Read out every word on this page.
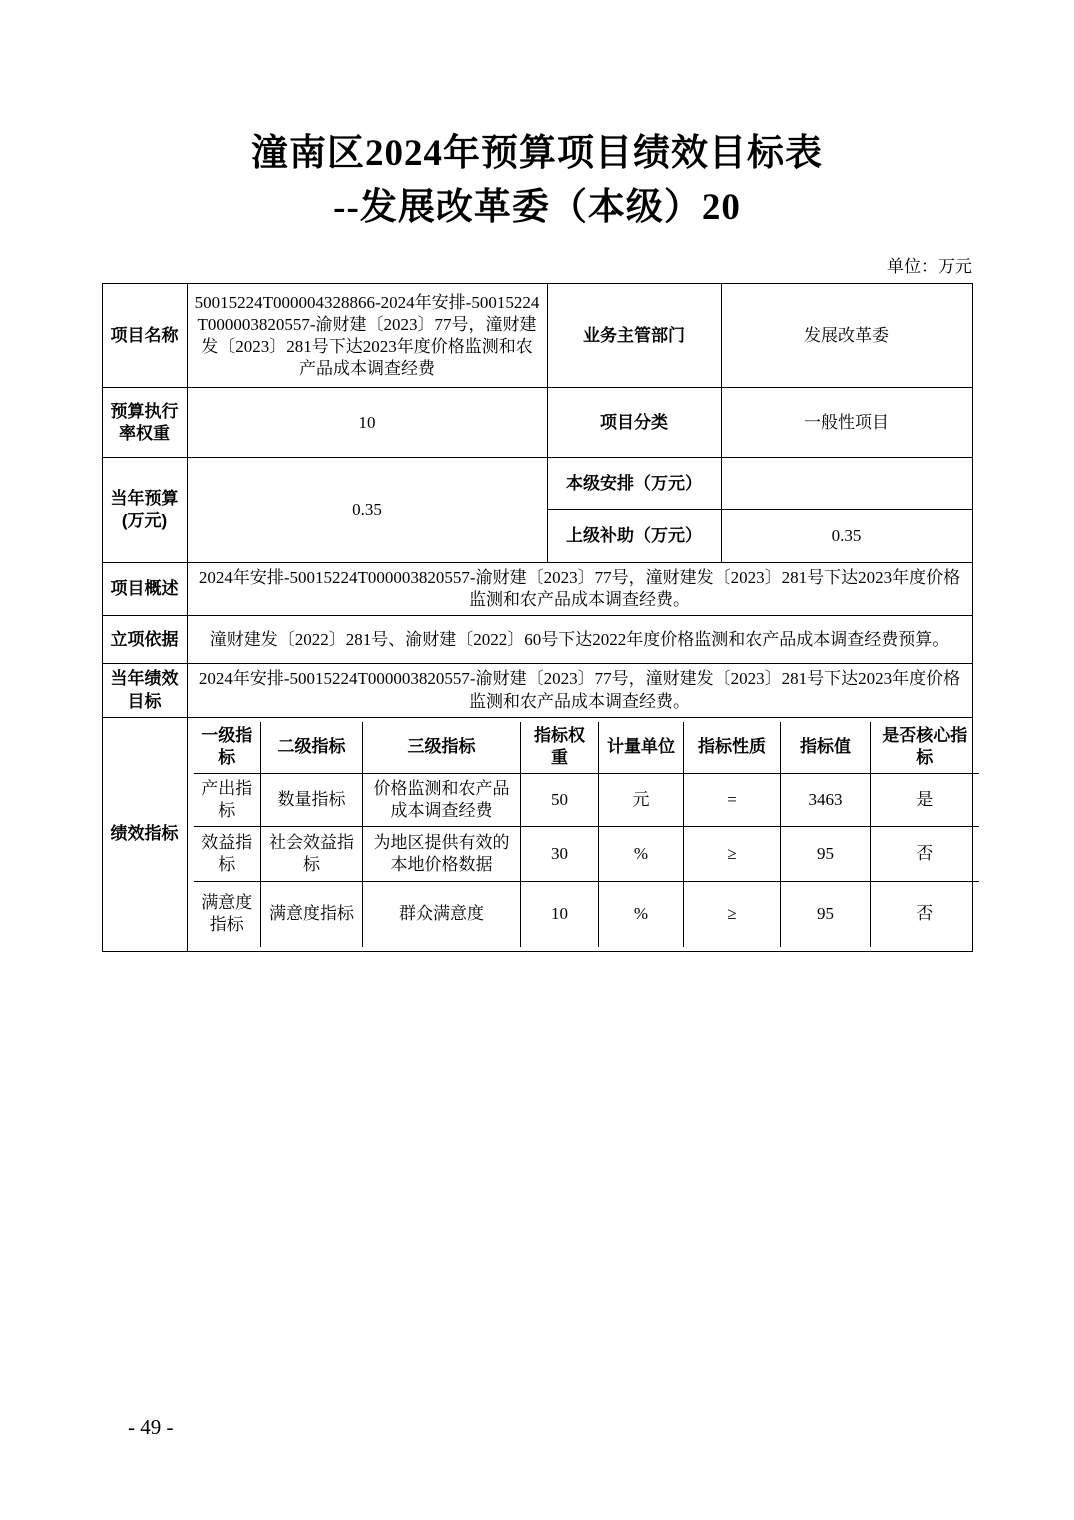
潼南区2024年预算项目绩效目标表
--发展改革委（本级）20
单位：万元
项目名称	50015224T000004328866-2024年安排-50015224T000003820557-渝财建〔2023〕77号，潼财建发〔2023〕281号下达2023年度价格监测和农产品成本调查经费	业务主管部门	发展改革委
预算执行率权重	10	项目分类	一般性项目
当年预算(万元)	0.35	本级安排（万元）	
上级补助（万元）	0.35
项目概述	2024年安排-50015224T000003820557-渝财建〔2023〕77号，潼财建发〔2023〕281号下达2023年度价格监测和农产品成本调查经费。
立项依据	潼财建发〔2022〕281号、渝财建〔2022〕60号下达2022年度价格监测和农产品成本调查经费预算。
当年绩效目标	2024年安排-50015224T000003820557-渝财建〔2023〕77号，潼财建发〔2023〕281号下达2023年度价格监测和农产品成本调查经费。
绩效指标	
一级指标	二级指标	三级指标	指标权重	计量单位	指标性质	指标值	是否核心指标
产出指标	数量指标	价格监测和农产品成本调查经费	50	元	=	3463	是
效益指标	社会效益指标	为地区提供有效的本地价格数据	30	%	≥	95	否
满意度指标	满意度指标	群众满意度	10	%	≥	95	否
- 49 -
